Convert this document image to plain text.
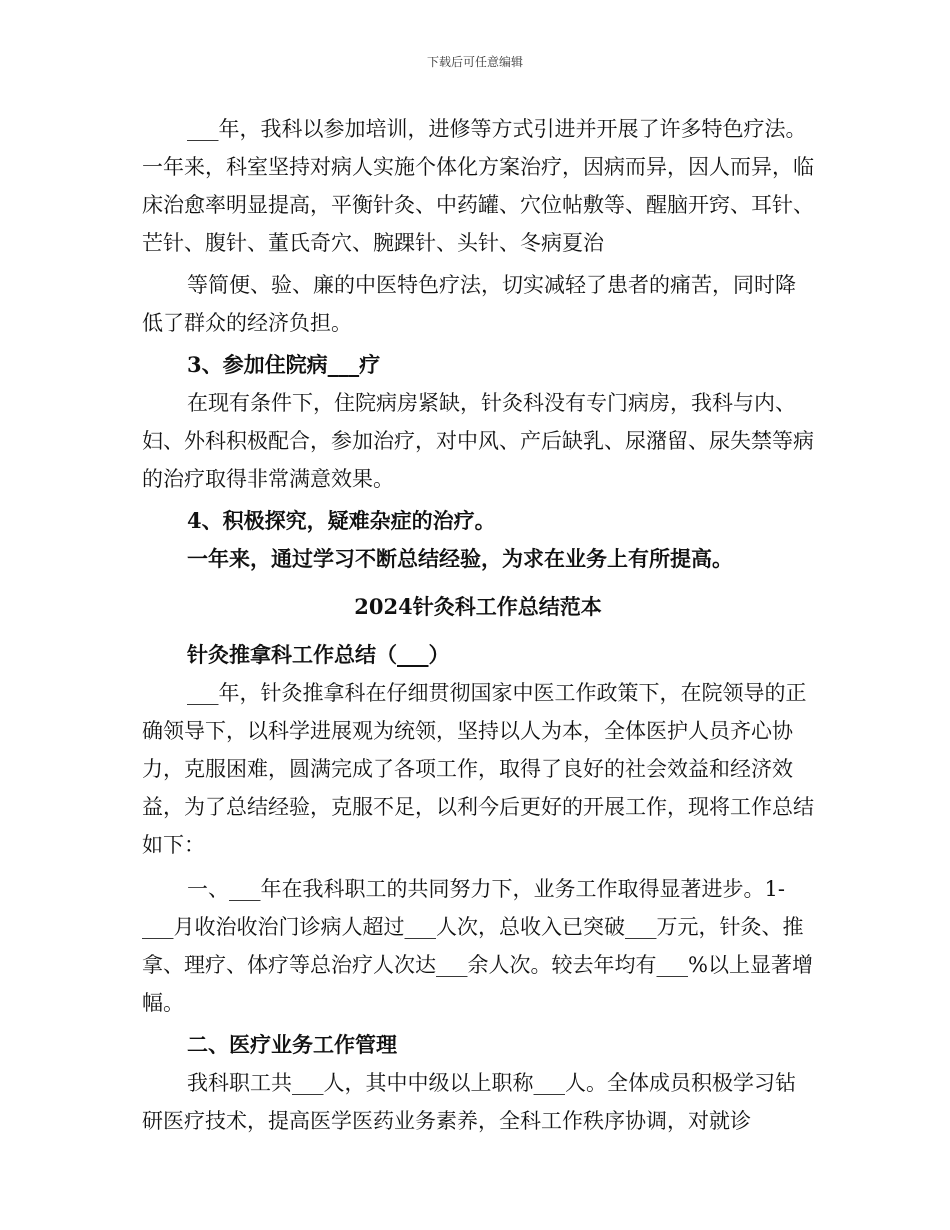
下载后可任意编辑

___年，我科以参加培训，进修等方式引进并开展了许多特色疗法。一年来，科室坚持对病人实施个体化方案治疗，因病而异，因人而异，临床治愈率明显提高，平衡针灸、中药罐、穴位帖敷等、醒脑开窍、耳针、芒针、腹针、董氏奇穴、腕踝针、头针、冬病夏治

等简便、验、廉的中医特色疗法，切实减轻了患者的痛苦，同时降低了群众的经济负担。

3、参加住院病___疗

在现有条件下，住院病房紧缺，针灸科没有专门病房，我科与内、妇、外科积极配合，参加治疗，对中风、产后缺乳、尿潴留、尿失禁等病的治疗取得非常满意效果。

4、积极探究，疑难杂症的治疗。

一年来，通过学习不断总结经验，为求在业务上有所提高。

2024针灸科工作总结范本

针灸推拿科工作总结（___）

___年，针灸推拿科在仔细贯彻国家中医工作政策下，在院领导的正确领导下，以科学进展观为统领，坚持以人为本，全体医护人员齐心协力，克服困难，圆满完成了各项工作，取得了良好的社会效益和经济效益，为了总结经验，克服不足，以利今后更好的开展工作，现将工作总结如下：

一、___年在我科职工的共同努力下，业务工作取得显著进步。1-___月收治收治门诊病人超过___人次，总收入已突破___万元，针灸、推拿、理疗、体疗等总治疗人次达___余人次。较去年均有___%以上显著增幅。

二、医疗业务工作管理

我科职工共___人，其中中级以上职称___人。全体成员积极学习钻研医疗技术，提高医学医药业务素养，全科工作秩序协调，对就诊
